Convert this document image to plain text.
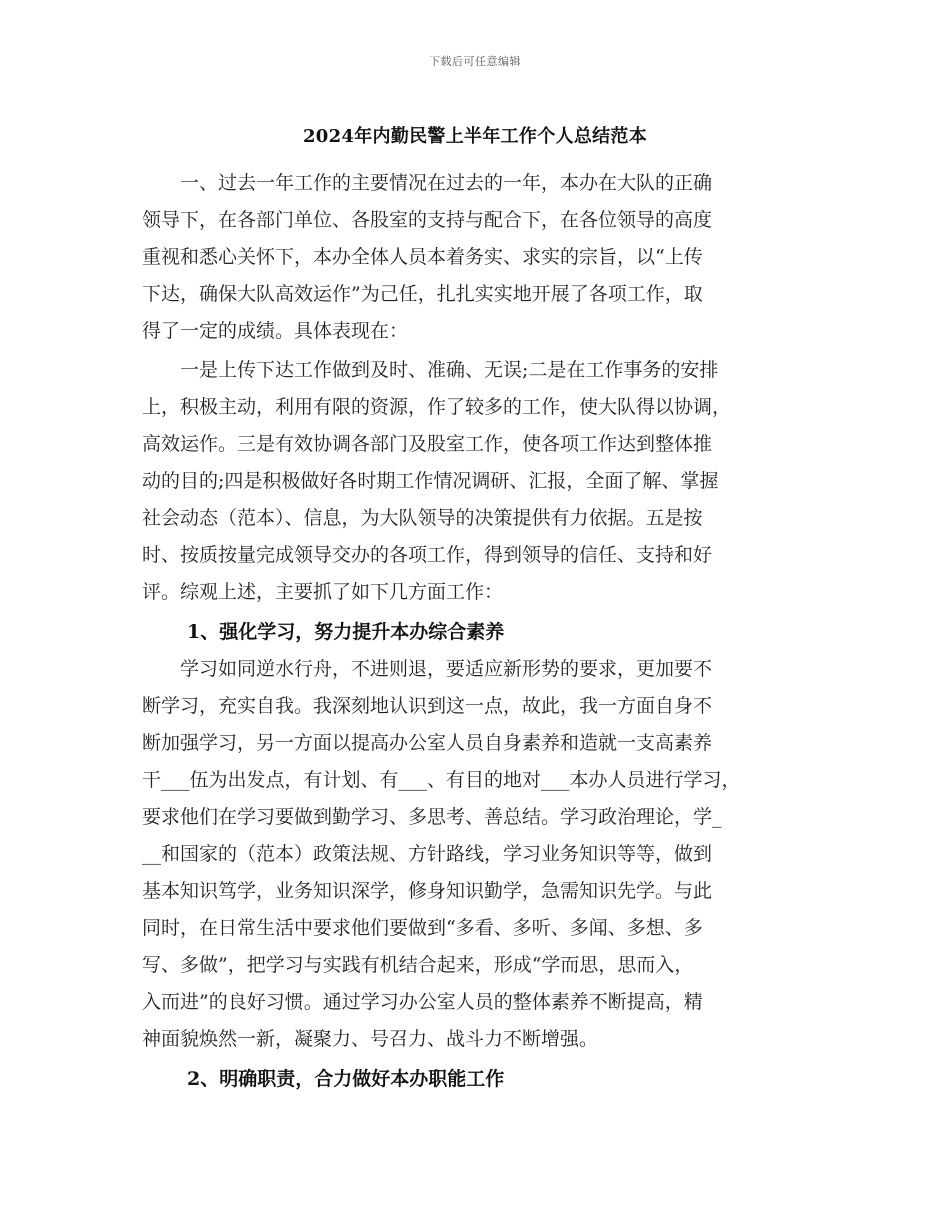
下载后可任意编辑
2024年内勤民警上半年工作个人总结范本
　　一、过去一年工作的主要情况在过去的一年，本办在大队的正确
领导下，在各部门单位、各股室的支持与配合下，在各位领导的高度
重视和悉心关怀下，本办全体人员本着务实、求实的宗旨，以“上传
下达，确保大队高效运作”为己任，扎扎实实地开展了各项工作，取
得了一定的成绩。具体表现在：
　　一是上传下达工作做到及时、准确、无误;二是在工作事务的安排
上，积极主动，利用有限的资源，作了较多的工作，使大队得以协调，
高效运作。三是有效协调各部门及股室工作，使各项工作达到整体推
动的目的;四是积极做好各时期工作情况调研、汇报，全面了解、掌握
社会动态（范本）、信息，为大队领导的决策提供有力依据。五是按
时、按质按量完成领导交办的各项工作，得到领导的信任、支持和好
评。综观上述，主要抓了如下几方面工作：
1、强化学习，努力提升本办综合素养
　　学习如同逆水行舟，不进则退，要适应新形势的要求，更加要不
断学习，充实自我。我深刻地认识到这一点，故此，我一方面自身不
断加强学习，另一方面以提高办公室人员自身素养和造就一支高素养
干___伍为出发点，有计划、有___、有目的地对___本办人员进行学习，
要求他们在学习要做到勤学习、多思考、善总结。学习政治理论，学_
__和国家的（范本）政策法规、方针路线，学习业务知识等等，做到
基本知识笃学，业务知识深学，修身知识勤学，急需知识先学。与此
同时，在日常生活中要求他们要做到“多看、多听、多闻、多想、多
写、多做”，把学习与实践有机结合起来，形成“学而思，思而入，
入而进”的良好习惯。通过学习办公室人员的整体素养不断提高，精
神面貌焕然一新，凝聚力、号召力、战斗力不断增强。
2、明确职责，合力做好本办职能工作
